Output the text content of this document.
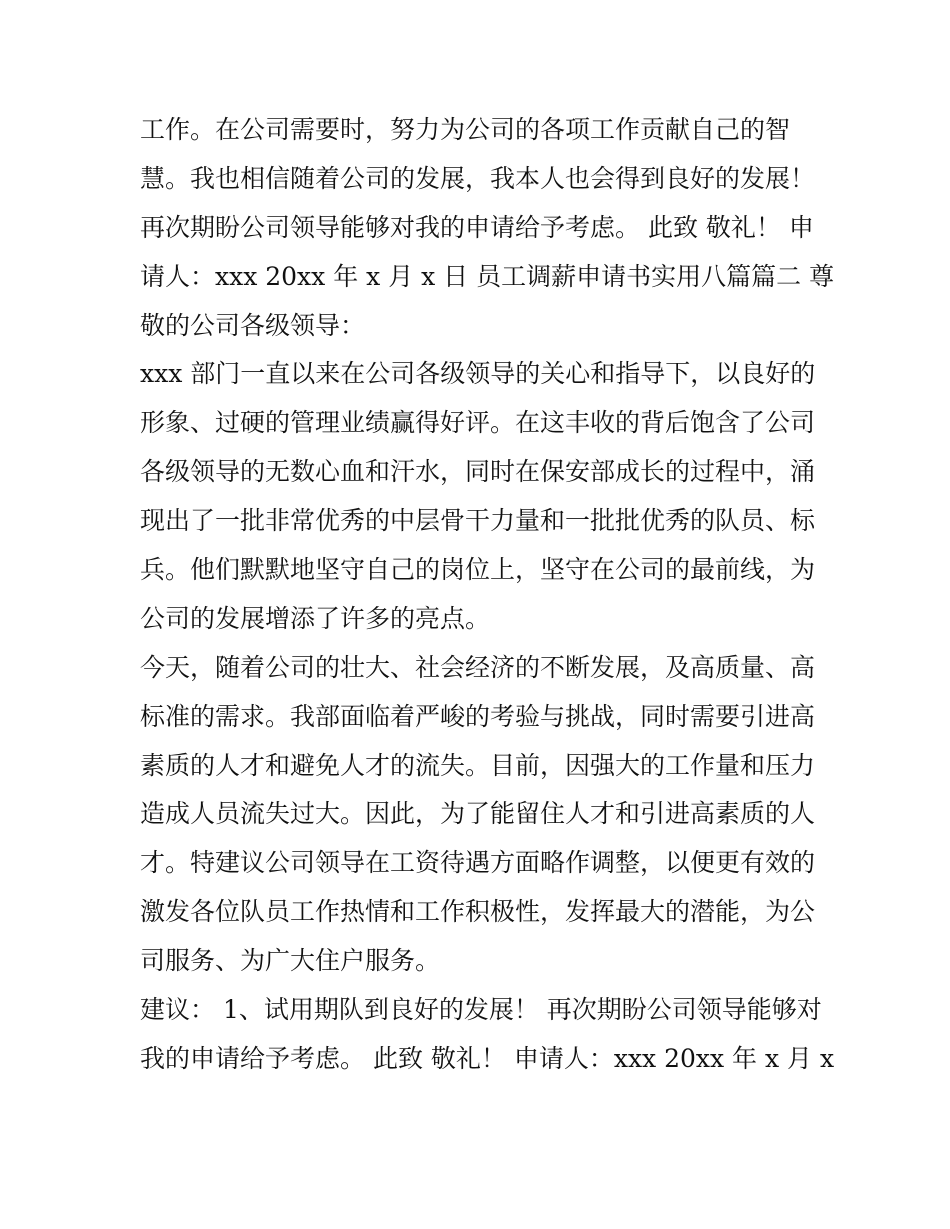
工作。在公司需要时，努力为公司的各项工作贡献自己的智
慧。我也相信随着公司的发展，我本人也会得到良好的发展！
再次期盼公司领导能够对我的申请给予考虑。 此致 敬礼！ 申
请人：xxx 20xx 年 x 月 x 日 员工调薪申请书实用八篇篇二 尊
敬的公司各级领导：
xxx 部门一直以来在公司各级领导的关心和指导下，以良好的
形象、过硬的管理业绩赢得好评。在这丰收的背后饱含了公司
各级领导的无数心血和汗水，同时在保安部成长的过程中，涌
现出了一批非常优秀的中层骨干力量和一批批优秀的队员、标
兵。他们默默地坚守自己的岗位上，坚守在公司的最前线，为
公司的发展增添了许多的亮点。
今天，随着公司的壮大、社会经济的不断发展，及高质量、高
标准的需求。我部面临着严峻的考验与挑战，同时需要引进高
素质的人才和避免人才的流失。目前，因强大的工作量和压力
造成人员流失过大。因此，为了能留住人才和引进高素质的人
才。特建议公司领导在工资待遇方面略作调整，以便更有效的
激发各位队员工作热情和工作积极性，发挥最大的潜能，为公
司服务、为广大住户服务。
建议： 1、试用期队到良好的发展！ 再次期盼公司领导能够对
我的申请给予考虑。 此致 敬礼！ 申请人：xxx 20xx 年 x 月 x
